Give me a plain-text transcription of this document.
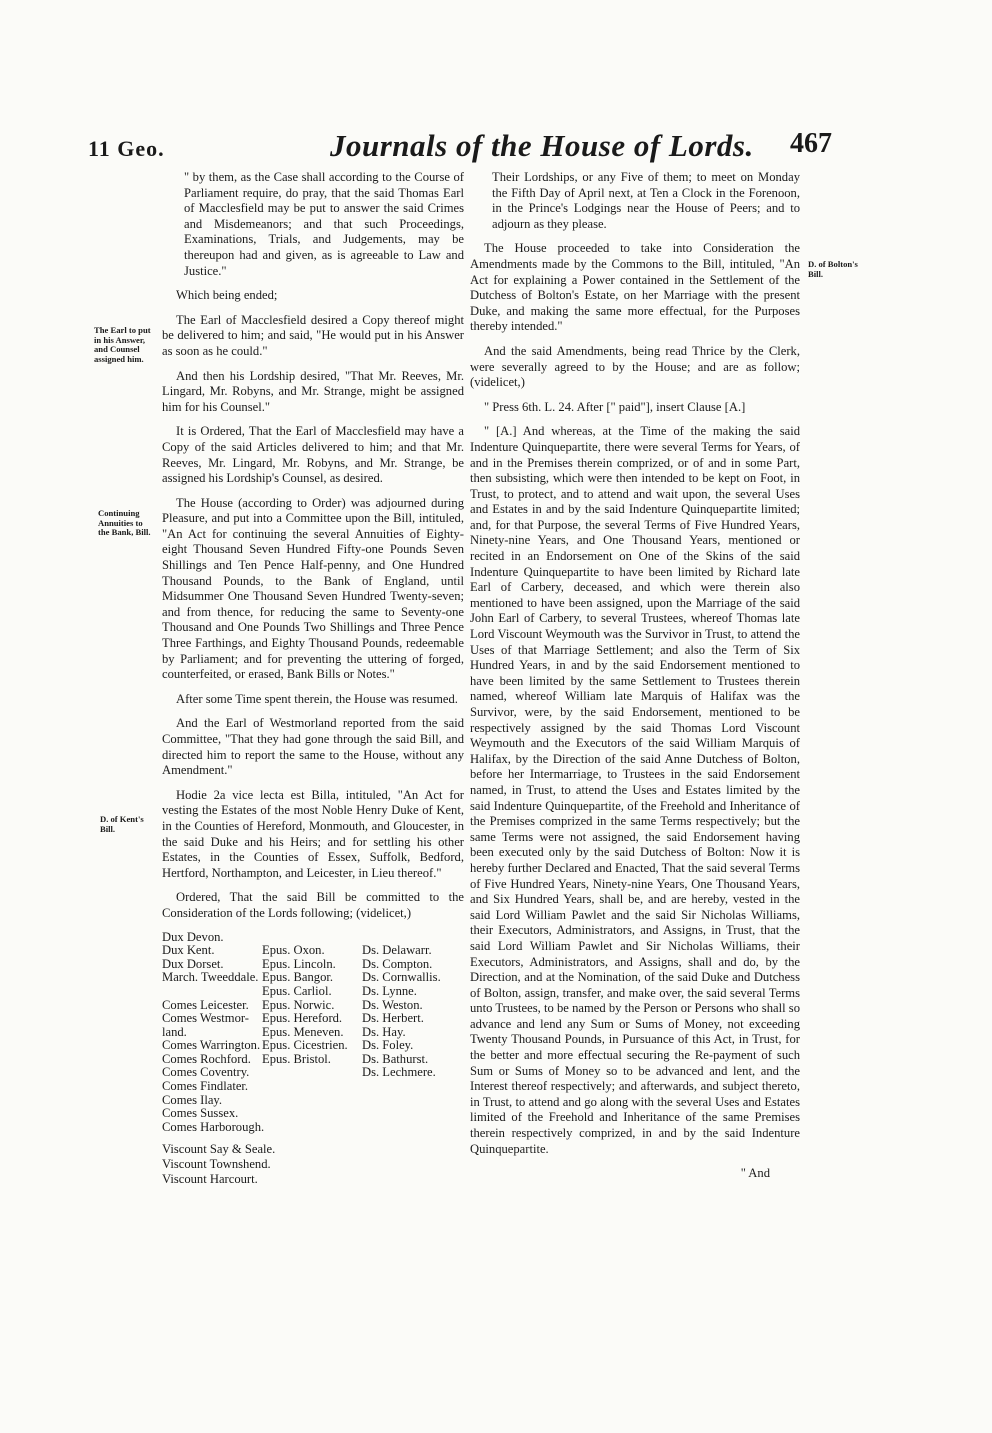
11 Geo.	Journals of the House of Lords. 467
The Earl to put in his Answer, and Counsel assigned him.
Continuing Annuities to the Bank, Bill.
D. of Kent's Bill.
D. of Bolton's Bill.

" by them, as the Case shall according to the Course of Parliament require, do pray, that the said Thomas Earl of Macclesfield may be put to answer the said Crimes and Misdemeanors; and that such Proceedings, Examinations, Trials, and Judgements, may be thereupon had and given, as is agreeable to Law and Justice."

Which being ended;

The Earl of Macclesfield desired a Copy thereof might be delivered to him; and said, "He would put in his Answer as soon as he could."

And then his Lordship desired, "That Mr. Reeves, Mr. Lingard, Mr. Robyns, and Mr. Strange, might be assigned him for his Counsel."

It is Ordered, That the Earl of Macclesfield may have a Copy of the said Articles delivered to him; and that Mr. Reeves, Mr. Lingard, Mr. Robyns, and Mr. Strange, be assigned his Lordship's Counsel, as desired.

The House (according to Order) was adjourned during Pleasure, and put into a Committee upon the Bill, intituled, "An Act for continuing the several Annuities of Eighty-eight Thousand Seven Hundred Fifty-one Pounds Seven Shillings and Ten Pence Half-penny, and One Hundred Thousand Pounds, to the Bank of England, until Midsummer One Thousand Seven Hundred Twenty-seven; and from thence, for reducing the same to Seventy-one Thousand and One Pounds Two Shillings and Three Pence Three Farthings, and Eighty Thousand Pounds, redeemable by Parliament; and for preventing the uttering of forged, counterfeited, or erased, Bank Bills or Notes."

After some Time spent therein, the House was resumed.

And the Earl of Westmorland reported from the said Committee, "That they had gone through the said Bill, and directed him to report the same to the House, without any Amendment."

Hodie 2a vice lecta est Billa, intituled, "An Act for vesting the Estates of the most Noble Henry Duke of Kent, in the Counties of Hereford, Monmouth, and Gloucester, in the said Duke and his Heirs; and for settling his other Estates, in the Counties of Essex, Suffolk, Bedford, Hertford, Northampton, and Leicester, in Lieu thereof."

Ordered, That the said Bill be committed to the Consideration of the Lords following; (videlicet,)

Dux Devon.
Dux Kent.
Dux Dorset.
March. Tweeddale.

Comes Leicester.
Comes Westmor-
land.
Comes Warrington.
Comes Rochford.
Comes Coventry.
Comes Findlater.
Comes Ilay.
Comes Sussex.
Comes Harborough.

Epus. Oxon.
Epus. Lincoln.
Epus. Bangor.
Epus. Carliol.
Epus. Norwic.
Epus. Hereford.
Epus. Meneven.
Epus. Cicestrien.
Epus. Bristol.

Ds. Delawarr.
Ds. Compton.
Ds. Cornwallis.
Ds. Lynne.
Ds. Weston.
Ds. Herbert.
Ds. Hay.
Ds. Foley.
Ds. Bathurst.
Ds. Lechmere.
Viscount Say & Seale.
Viscount Townshend.
Viscount Harcourt.

Their Lordships, or any Five of them; to meet on Monday the Fifth Day of April next, at Ten a Clock in the Forenoon, in the Prince's Lodgings near the House of Peers; and to adjourn as they please.

The House proceeded to take into Consideration the Amendments made by the Commons to the Bill, intituled, "An Act for explaining a Power contained in the Settlement of the Dutchess of Bolton's Estate, on her Marriage with the present Duke, and making the same more effectual, for the Purposes thereby intended."

And the said Amendments, being read Thrice by the Clerk, were severally agreed to by the House; and are as follow; (videlicet,)

" Press 6th. L. 24. After [" paid"], insert Clause [A.]

" [A.] And whereas, at the Time of the making the said Indenture Quinquepartite, there were several Terms for Years, of and in the Premises therein comprized, or of and in some Part, then subsisting, which were then intended to be kept on Foot, in Trust, to protect, and to attend and wait upon, the several Uses and Estates in and by the said Indenture Quinquepartite limited; and, for that Purpose, the several Terms of Five Hundred Years, Ninety-nine Years, and One Thousand Years, mentioned or recited in an Endorsement on One of the Skins of the said Indenture Quinquepartite to have been limited by Richard late Earl of Carbery, deceased, and which were therein also mentioned to have been assigned, upon the Marriage of the said John Earl of Carbery, to several Trustees, whereof Thomas late Lord Viscount Weymouth was the Survivor in Trust, to attend the Uses of that Marriage Settlement; and also the Term of Six Hundred Years, in and by the said Endorsement mentioned to have been limited by the same Settlement to Trustees therein named, whereof William late Marquis of Halifax was the Survivor, were, by the said Endorsement, mentioned to be respectively assigned by the said Thomas Lord Viscount Weymouth and the Executors of the said William Marquis of Halifax, by the Direction of the said Anne Dutchess of Bolton, before her Intermarriage, to Trustees in the said Endorsement named, in Trust, to attend the Uses and Estates limited by the said Indenture Quinquepartite, of the Freehold and Inheritance of the Premises comprized in the same Terms respectively; but the same Terms were not assigned, the said Endorsement having been executed only by the said Dutchess of Bolton: Now it is hereby further Declared and Enacted, That the said several Terms of Five Hundred Years, Ninety-nine Years, One Thousand Years, and Six Hundred Years, shall be, and are hereby, vested in the said Lord William Pawlet and the said Sir Nicholas Williams, their Executors, Administrators, and Assigns, in Trust, that the said Lord William Pawlet and Sir Nicholas Williams, their Executors, Administrators, and Assigns, shall and do, by the Direction, and at the Nomination, of the said Duke and Dutchess of Bolton, assign, transfer, and make over, the said several Terms unto Trustees, to be named by the Person or Persons who shall so advance and lend any Sum or Sums of Money, not exceeding Twenty Thousand Pounds, in Pursuance of this Act, in Trust, for the better and more effectual securing the Re-payment of such Sum or Sums of Money so to be advanced and lent, and the Interest thereof respectively; and afterwards, and subject thereto, in Trust, to attend and go along with the several Uses and Estates limited of the Freehold and Inheritance of the same Premises therein respectively comprized, in and by the said Indenture Quinquepartite.

" And
